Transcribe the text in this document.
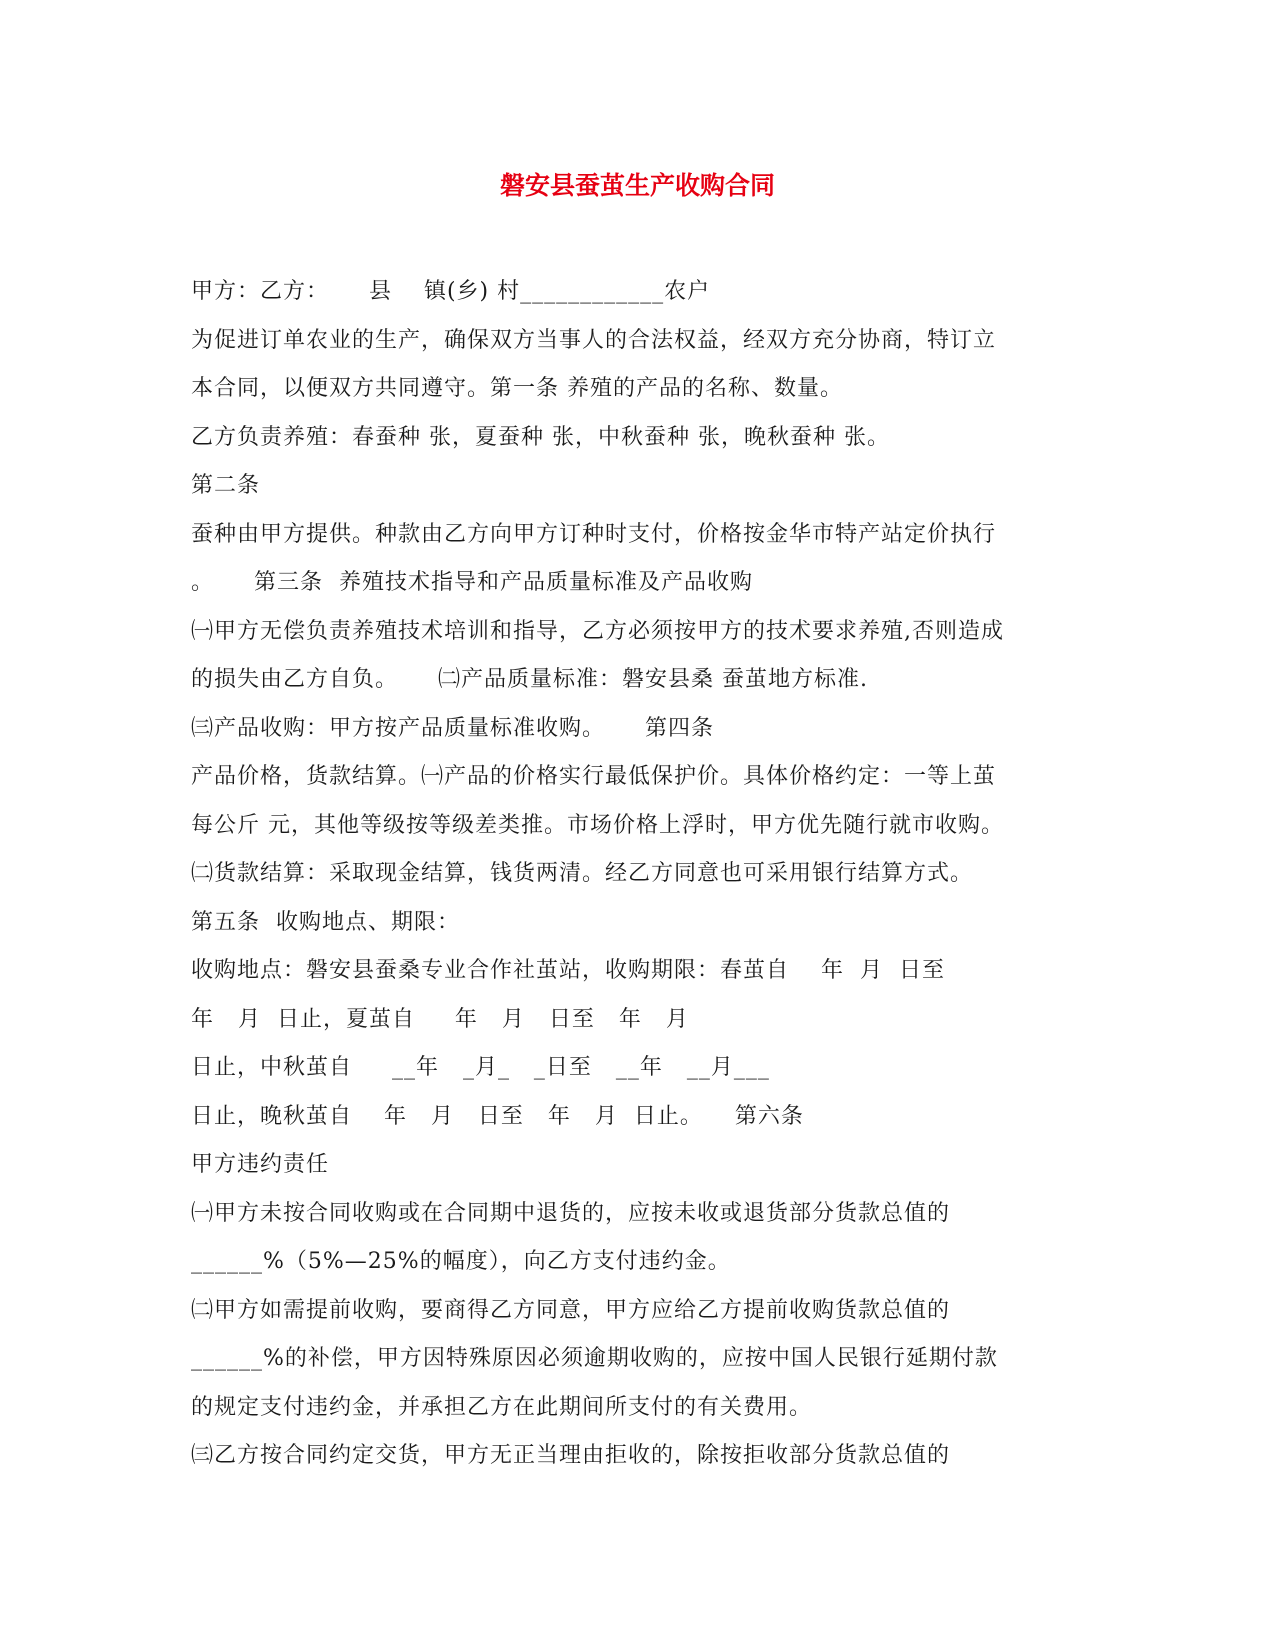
磐安县蚕茧生产收购合同
甲方：乙方：     县    镇(乡) 村____________农户
为促进订单农业的生产，确保双方当事人的合法权益，经双方充分协商，特订立
本合同，以便双方共同遵守。第一条 养殖的产品的名称、数量。
乙方负责养殖：春蚕种 张，夏蚕种 张，中秋蚕种 张，晚秋蚕种 张。
第二条
蚕种由甲方提供。种款由乙方向甲方订种时支付，价格按金华市特产站定价执行
。     第三条  养殖技术指导和产品质量标准及产品收购
㈠甲方无偿负责养殖技术培训和指导，乙方必须按甲方的技术要求养殖,否则造成
的损失由乙方自负。     ㈡产品质量标准：磐安县桑 蚕茧地方标准.
㈢产品收购：甲方按产品质量标准收购。     第四条
产品价格，货款结算。㈠产品的价格实行最低保护价。具体价格约定：一等上茧
每公斤 元，其他等级按等级差类推。市场价格上浮时，甲方优先随行就市收购。
㈡货款结算：采取现金结算，钱货两清。经乙方同意也可采用银行结算方式。
第五条  收购地点、期限：
收购地点：磐安县蚕桑专业合作社茧站，收购期限：春茧自    年  月  日至
年   月  日止，夏茧自     年   月   日至   年   月
日止，中秋茧自     __年   _月_   _日至   __年   __月___
日止，晚秋茧自    年   月   日至   年   月  日止。    第六条
甲方违约责任
㈠甲方未按合同收购或在合同期中退货的，应按未收或退货部分货款总值的
______%（5%—25%的幅度），向乙方支付违约金。
㈡甲方如需提前收购，要商得乙方同意，甲方应给乙方提前收购货款总值的
______%的补偿，甲方因特殊原因必须逾期收购的，应按中国人民银行延期付款
的规定支付违约金，并承担乙方在此期间所支付的有关费用。
㈢乙方按合同约定交货，甲方无正当理由拒收的，除按拒收部分货款总值的
